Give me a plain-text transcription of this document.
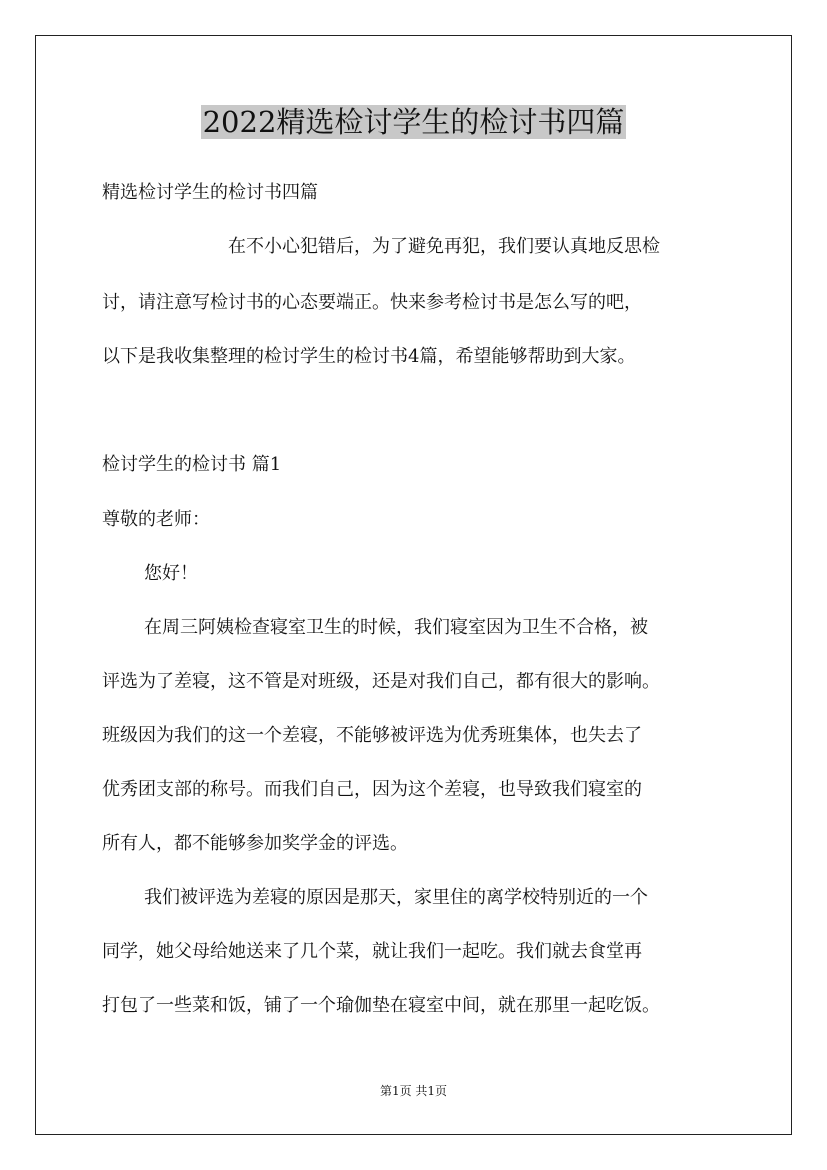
2022精选检讨学生的检讨书四篇
精选检讨学生的检讨书四篇
在不小心犯错后，为了避免再犯，我们要认真地反思检
讨，请注意写检讨书的心态要端正。快来参考检讨书是怎么写的吧，
以下是我收集整理的检讨学生的检讨书4篇，希望能够帮助到大家。
检讨学生的检讨书 篇1
尊敬的老师：
您好！
在周三阿姨检查寝室卫生的时候，我们寝室因为卫生不合格，被
评选为了差寝，这不管是对班级，还是对我们自己，都有很大的影响。
班级因为我们的这一个差寝，不能够被评选为优秀班集体，也失去了
优秀团支部的称号。而我们自己，因为这个差寝，也导致我们寝室的
所有人，都不能够参加奖学金的评选。
我们被评选为差寝的原因是那天，家里住的离学校特别近的一个
同学，她父母给她送来了几个菜，就让我们一起吃。我们就去食堂再
打包了一些菜和饭，铺了一个瑜伽垫在寝室中间，就在那里一起吃饭。
第1页 共1页
